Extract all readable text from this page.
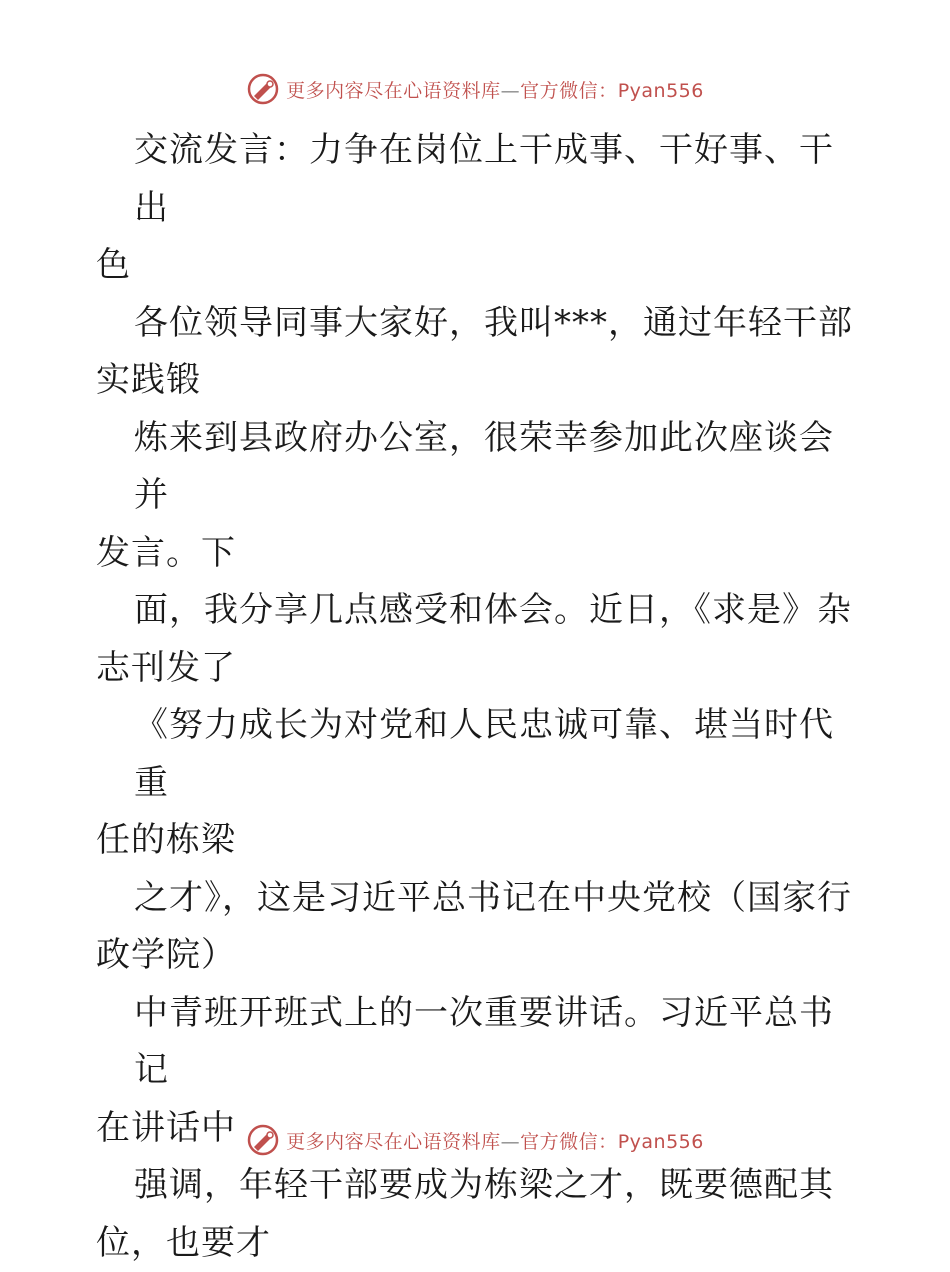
更多内容尽在心语资料库—官方微信：Pyan556

交流发言：力争在岗位上干成事、干好事、干出
色

各位领导同事大家好，我叫***，通过年轻干部
实践锻

炼来到县政府办公室，很荣幸参加此次座谈会并
发言。下

面，我分享几点感受和体会。近日，《求是》杂
志刊发了

《努力成长为对党和人民忠诚可靠、堪当时代重
任的栋梁

之才》，这是习近平总书记在中央党校（国家行
政学院）

中青班开班式上的一次重要讲话。习近平总书记
在讲话中

强调，年轻干部要成为栋梁之才，既要德配其
位，也要才

更多内容尽在心语资料库—官方微信：Pyan556
